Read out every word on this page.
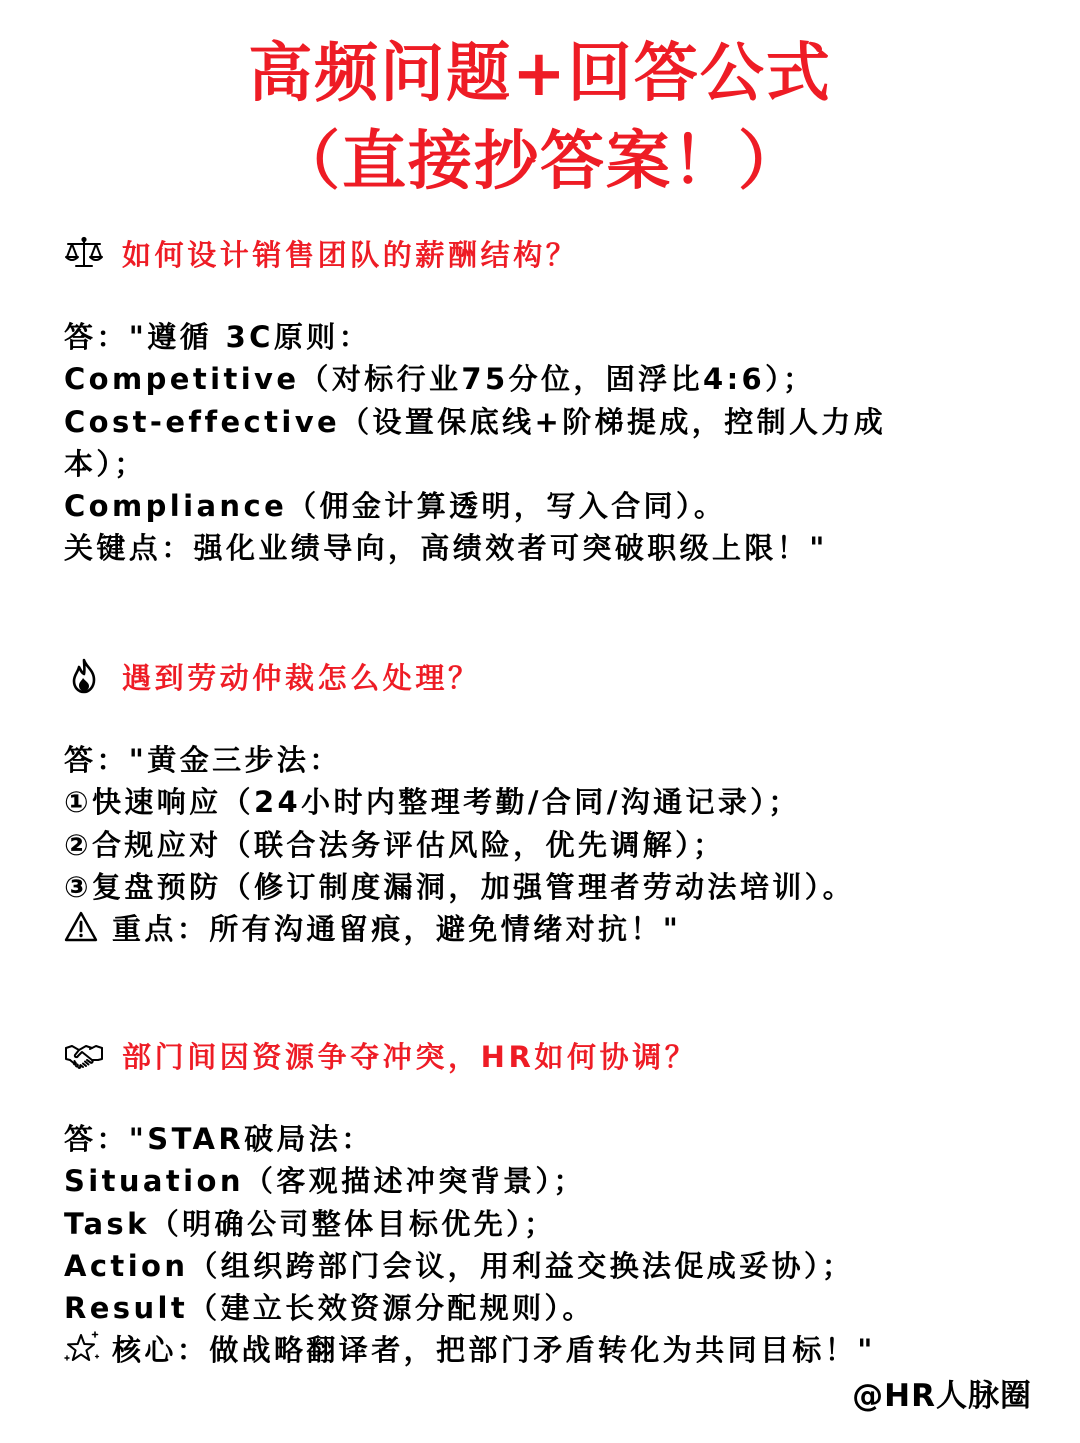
高频问题+回答公式
（直接抄答案！）
如何设计销售团队的薪酬结构？
答："遵循 3C原则：
Competitive（对标行业75分位，固浮比4:6）；
Cost-effective（设置保底线+阶梯提成，控制人力成
本）；
Compliance（佣金计算透明，写入合同）。
关键点：强化业绩导向，高绩效者可突破职级上限！"
遇到劳动仲裁怎么处理？
答："黄金三步法：
①快速响应（24小时内整理考勤/合同/沟通记录）；
②合规应对（联合法务评估风险，优先调解）；
③复盘预防（修订制度漏洞，加强管理者劳动法培训）。
重点：所有沟通留痕，避免情绪对抗！"
部门间因资源争夺冲突，HR如何协调？
答："STAR破局法：
Situation（客观描述冲突背景）；
Task（明确公司整体目标优先）；
Action（组织跨部门会议，用利益交换法促成妥协）；
Result（建立长效资源分配规则）。
核心：做战略翻译者，把部门矛盾转化为共同目标！"
@HR人脉圈
